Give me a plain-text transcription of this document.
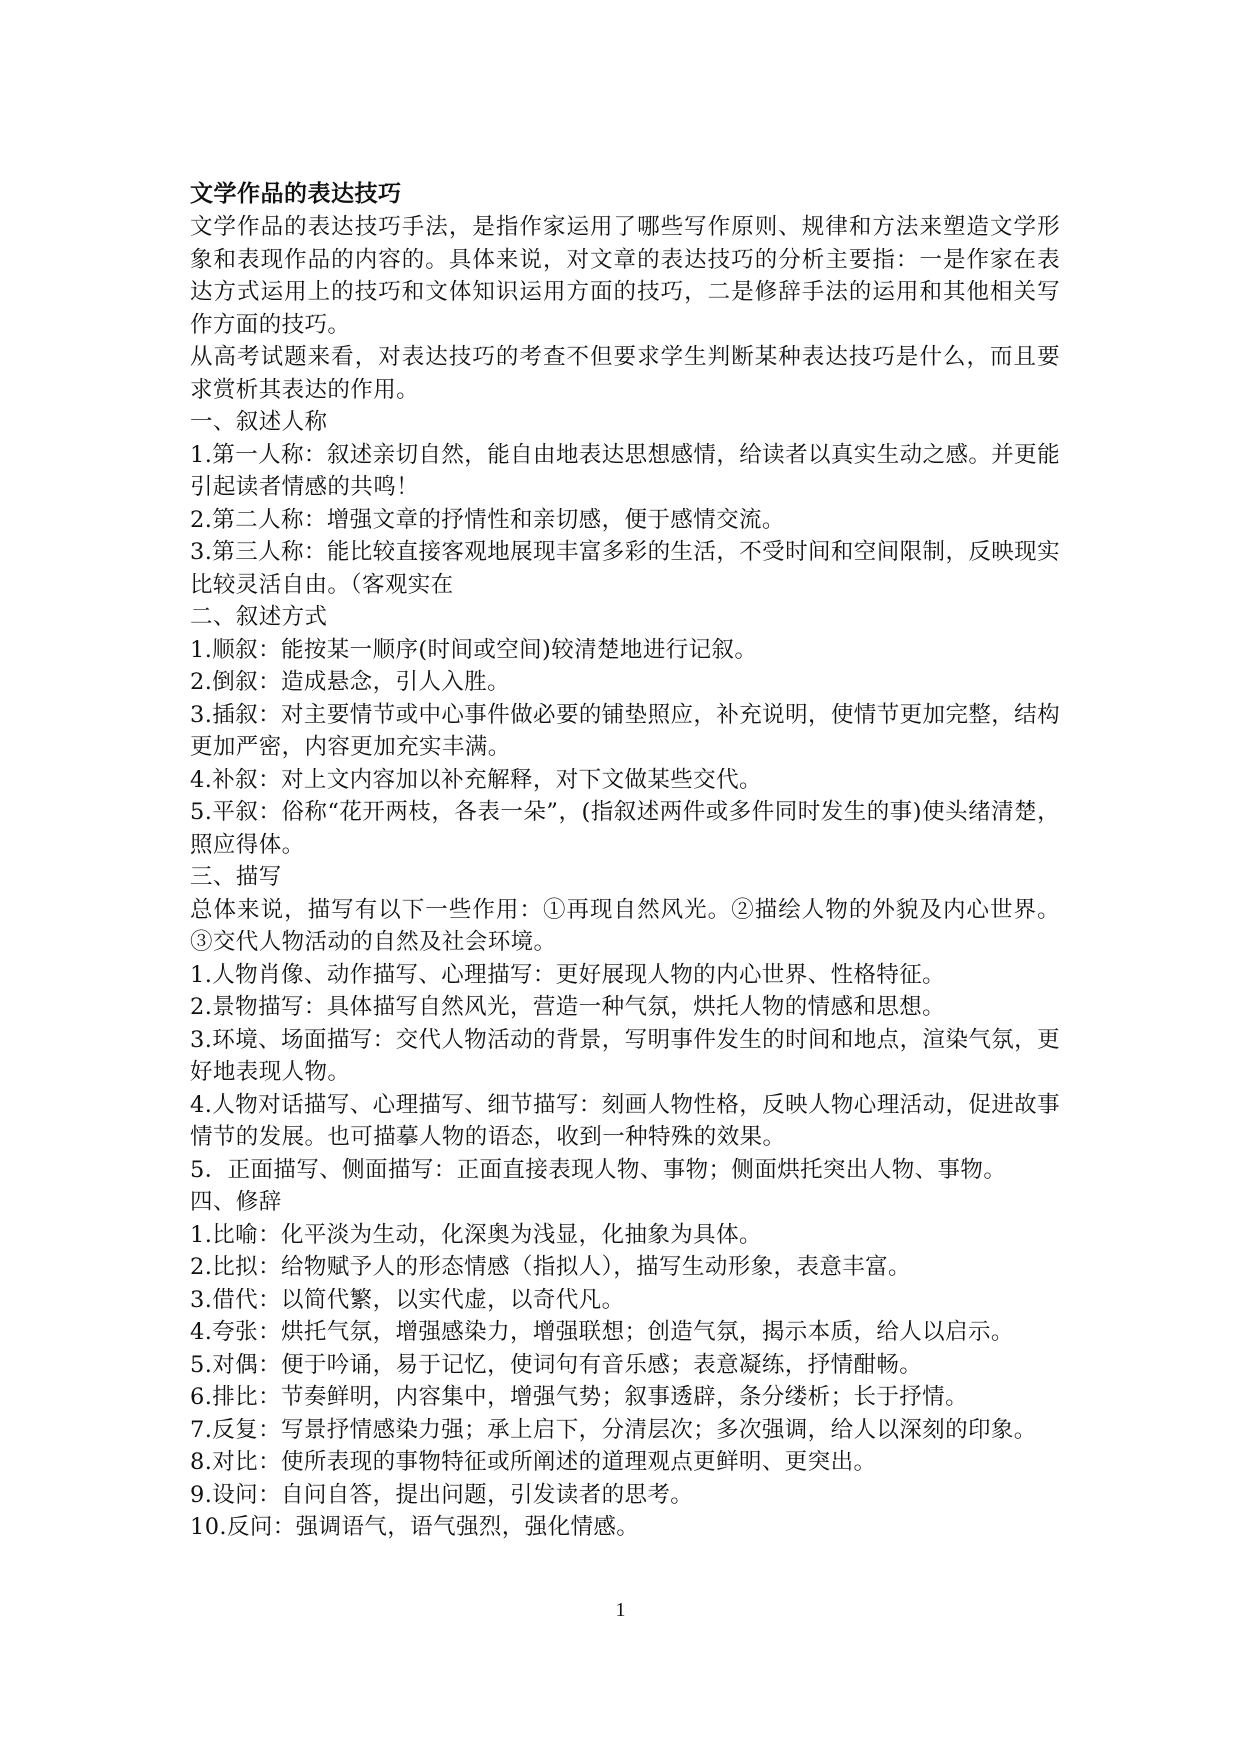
文学作品的表达技巧

文学作品的表达技巧手法，是指作家运用了哪些写作原则、规律和方法来塑造文学形象和表现作品的内容的。具体来说，对文章的表达技巧的分析主要指：一是作家在表达方式运用上的技巧和文体知识运用方面的技巧，二是修辞手法的运用和其他相关写作方面的技巧。

从高考试题来看，对表达技巧的考查不但要求学生判断某种表达技巧是什么，而且要求赏析其表达的作用。

一、叙述人称

1.第一人称：叙述亲切自然，能自由地表达思想感情，给读者以真实生动之感。并更能引起读者情感的共鸣！

2.第二人称：增强文章的抒情性和亲切感，便于感情交流。

3.第三人称：能比较直接客观地展现丰富多彩的生活，不受时间和空间限制，反映现实比较灵活自由。（客观实在

二、叙述方式

1.顺叙：能按某一顺序(时间或空间)较清楚地进行记叙。

2.倒叙：造成悬念，引人入胜。

3.插叙：对主要情节或中心事件做必要的铺垫照应，补充说明，使情节更加完整，结构更加严密，内容更加充实丰满。

4.补叙：对上文内容加以补充解释，对下文做某些交代。

5.平叙：俗称“花开两枝，各表一朵”，(指叙述两件或多件同时发生的事)使头绪清楚，照应得体。

三、描写

总体来说，描写有以下一些作用：①再现自然风光。②描绘人物的外貌及内心世界。③交代人物活动的自然及社会环境。

1.人物肖像、动作描写、心理描写：更好展现人物的内心世界、性格特征。

2.景物描写：具体描写自然风光，营造一种气氛，烘托人物的情感和思想。

3.环境、场面描写：交代人物活动的背景，写明事件发生的时间和地点，渲染气氛，更好地表现人物。

4.人物对话描写、心理描写、细节描写：刻画人物性格，反映人物心理活动，促进故事情节的发展。也可描摹人物的语态，收到一种特殊的效果。

5．正面描写、侧面描写：正面直接表现人物、事物；侧面烘托突出人物、事物。

四、修辞

1.比喻：化平淡为生动，化深奥为浅显，化抽象为具体。

2.比拟：给物赋予人的形态情感（指拟人），描写生动形象，表意丰富。

3.借代：以简代繁，以实代虚，以奇代凡。

4.夸张：烘托气氛，增强感染力，增强联想；创造气氛，揭示本质，给人以启示。

5.对偶：便于吟诵，易于记忆，使词句有音乐感；表意凝练，抒情酣畅。

6.排比：节奏鲜明，内容集中，增强气势；叙事透辟，条分缕析；长于抒情。

7.反复：写景抒情感染力强；承上启下，分清层次；多次强调，给人以深刻的印象。

8.对比：使所表现的事物特征或所阐述的道理观点更鲜明、更突出。

9.设问：自问自答，提出问题，引发读者的思考。

10.反问：强调语气，语气强烈，强化情感。

1
